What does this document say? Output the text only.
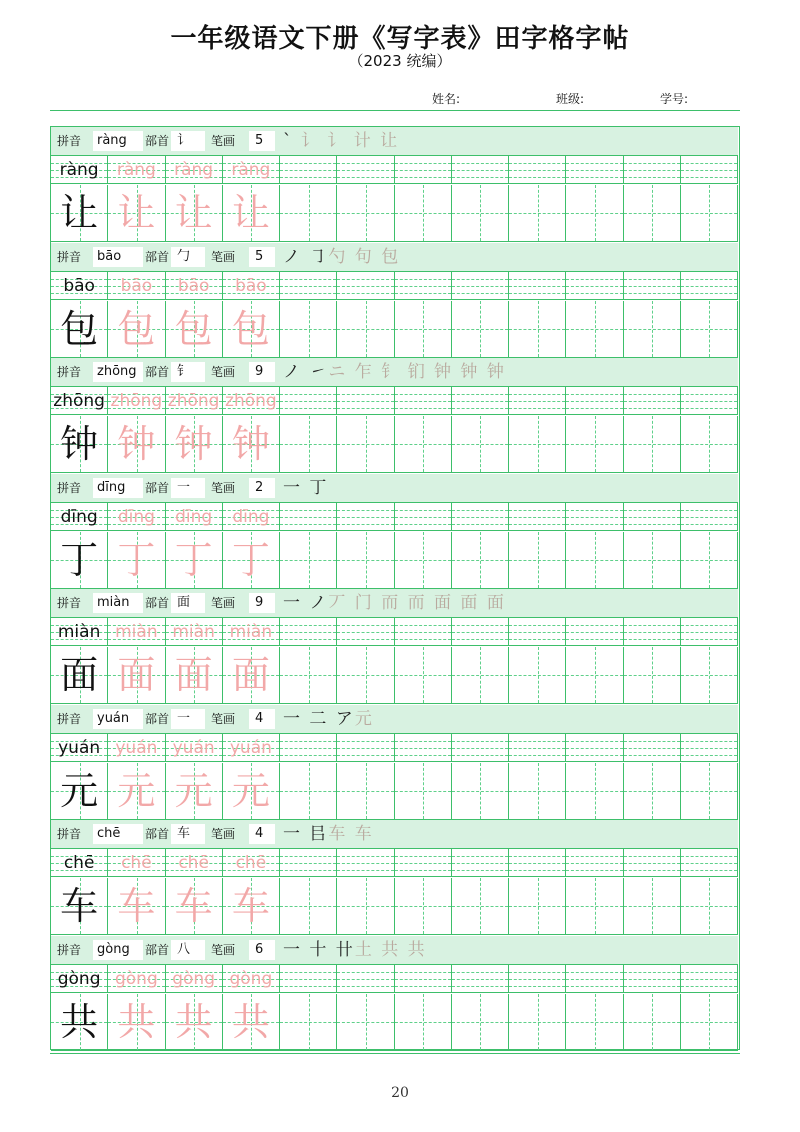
一年级语文下册《写字表》田字格字帖
（2023 统编）
姓名:	班级:	学号:
拼音 ràng 部首 讠 笔画 5 ` 讠 讠 计 让
ràng	ràng	ràng	ràng
让 让 让 让
拼音 bāo 部首 勹 笔画 5 ノ ㇆勺 句 包
bāo	bāo	bāo	bāo
包 包 包 包
拼音 zhōng 部首 钅 笔画 9 ノ ㇀ニ 乍 钅 钔 钟 钟 钟
zhōng zhōng zhōng zhōng
钟 钟 钟 钟
拼音 dīng 部首 一 笔画 2 一 丁
dīng	dīng	dīng	dīng
丁 丁 丁 丁
拼音 miàn 部首 面 笔画 9 一 ノ丆 门 而 而 面 面 面
miàn miàn miàn miàn
面 面 面 面
拼音 yuán 部首 一 笔画 4 一 二 ア元
yuán yuán yuán yuán
元 元 元 元
拼音 chē 部首 车 笔画 4 一 㠯车 车
chē	chē	chē	chē
车 车 车 车
拼音 gòng 部首 八 笔画 6 一 十 卄土 共 共
gòng gòng gòng gòng
共 共 共 共
20
